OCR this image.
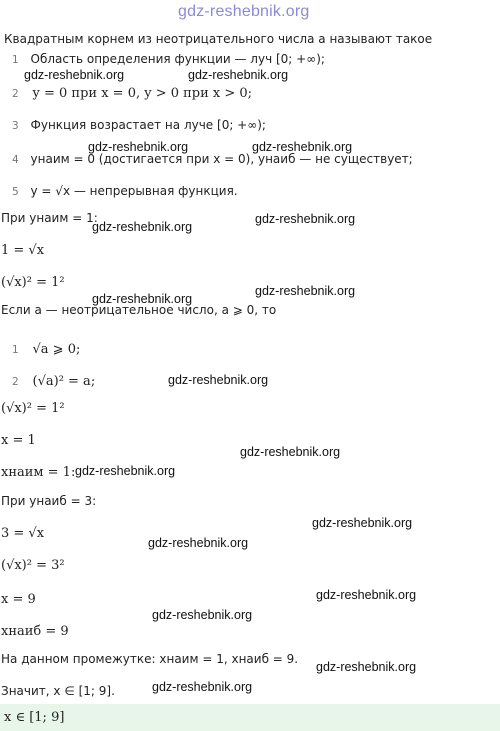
gdz-reshebnik.org
Квадратным корнем из неотрицательного числа a называют такое
1 Область определения функции — луч [0; +∞);
2 y = 0 при x = 0, y > 0 при x > 0;
3 Функция возрастает на луче [0; +∞);
4 yнаим = 0 (достигается при x = 0), yнаиб — не существует;
5 y = √x — непрерывная функция.
При yнаим = 1:
1 = √x
(√x)² = 1²
Если a — неотрицательное число, a ⩾ 0, то
1 √a ⩾ 0;
2 (√a)² = a;
(√x)² = 1²
x = 1
xнаим = 1:
При yнаиб = 3:
3 = √x
(√x)² = 3²
x = 9
xнаиб = 9
На данном промежутке: xнаим = 1, xнаиб = 9.
Значит, x ∈ [1; 9].
x ∈ [1; 9]
gdz-reshebnik.org	gdz-reshebnik.org
gdz-reshebnik.org	gdz-reshebnik.org
gdz-reshebnik.org
gdz-reshebnik.org
gdz-reshebnik.org
gdz-reshebnik.org
gdz-reshebnik.org
gdz-reshebnik.org
gdz-reshebnik.org
gdz-reshebnik.org
gdz-reshebnik.org
gdz-reshebnik.org
gdz-reshebnik.org
gdz-reshebnik.org
gdz-reshebnik.org
